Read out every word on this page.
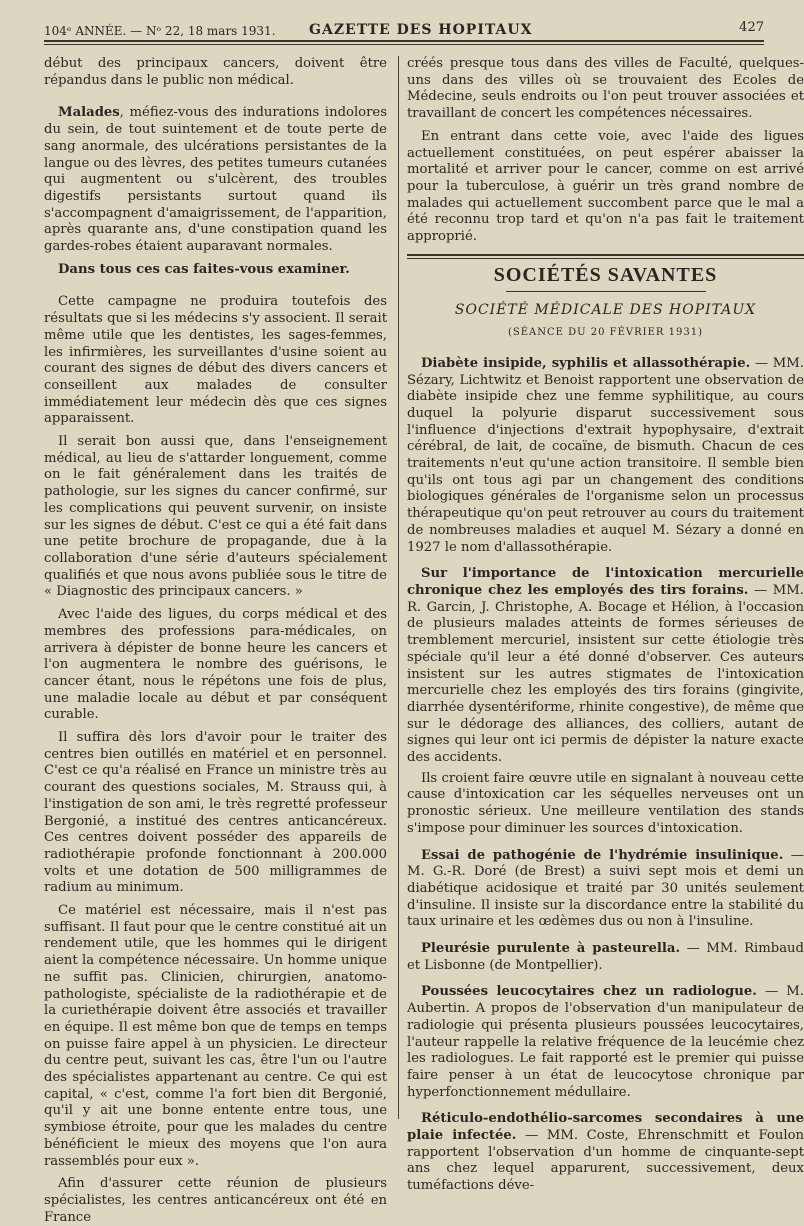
104ᵉ ANNÉE. — Nᵒ 22, 18 mars 1931. GAZETTE DES HOPITAUX	427

début des principaux cancers, doivent être répandus dans le public non médical.

Malades, méfiez-vous des indurations indolores du sein, de tout suintement et de toute perte de sang anormale, des ulcérations persistantes de la langue ou des lèvres, des petites tumeurs cutanées qui augmentent ou s'ulcèrent, des troubles digestifs persistants surtout quand ils s'accompagnent d'amaigrissement, de l'apparition, après quarante ans, d'une constipation quand les gardes-robes étaient auparavant normales.

Dans tous ces cas faites-vous examiner.

Cette campagne ne produira toutefois des résultats que si les médecins s'y associent. Il serait même utile que les dentistes, les sages-femmes, les infirmières, les surveillantes d'usine soient au courant des signes de début des divers cancers et conseillent aux malades de consulter immédiatement leur médecin dès que ces signes apparaissent.

Il serait bon aussi que, dans l'enseignement médical, au lieu de s'attarder longuement, comme on le fait généralement dans les traités de pathologie, sur les signes du cancer confirmé, sur les complications qui peuvent survenir, on insiste sur les signes de début. C'est ce qui a été fait dans une petite brochure de propagande, due à la collaboration d'une série d'auteurs spécialement qualifiés et que nous avons publiée sous le titre de « Diagnostic des principaux cancers. »

Avec l'aide des ligues, du corps médical et des membres des professions para-médicales, on arrivera à dépister de bonne heure les cancers et l'on augmentera le nombre des guérisons, le cancer étant, nous le répétons une fois de plus, une maladie locale au début et par conséquent curable.

Il suffira dès lors d'avoir pour le traiter des centres bien outillés en matériel et en personnel. C'est ce qu'a réalisé en France un ministre très au courant des questions sociales, M. Strauss qui, à l'instigation de son ami, le très regretté professeur Bergonié, a institué des centres anticancéreux. Ces centres doivent posséder des appareils de radiothérapie profonde fonctionnant à 200.000 volts et une dotation de 500 milligrammes de radium au minimum.

Ce matériel est nécessaire, mais il n'est pas suffisant. Il faut pour que le centre constitué ait un rendement utile, que les hommes qui le dirigent aient la compétence nécessaire. Un homme unique ne suffit pas. Clinicien, chirurgien, anatomo-pathologiste, spécialiste de la radiothérapie et de la curiethérapie doivent être associés et travailler en équipe. Il est même bon que de temps en temps on puisse faire appel à un physicien. Le directeur du centre peut, suivant les cas, être l'un ou l'autre des spécialistes appartenant au centre. Ce qui est capital, « c'est, comme l'a fort bien dit Bergonié, qu'il y ait une bonne entente entre tous, une symbiose étroite, pour que les malades du centre bénéficient le mieux des moyens que l'on aura rassemblés pour eux ».

Afin d'assurer cette réunion de plusieurs spécialistes, les centres anticancéreux ont été en France

créés presque tous dans des villes de Faculté, quelques-uns dans des villes où se trouvaient des Ecoles de Médecine, seuls endroits ou l'on peut trouver associées et travaillant de concert les compétences nécessaires.

En entrant dans cette voie, avec l'aide des ligues actuellement constituées, on peut espérer abaisser la mortalité et arriver pour le cancer, comme on est arrivé pour la tuberculose, à guérir un très grand nombre de malades qui actuellement succombent parce que le mal a été reconnu trop tard et qu'on n'a pas fait le traitement approprié.

SOCIÉTÉS SAVANTES
SOCIÉTÉ MÉDICALE DES HOPITAUX
(SÉANCE DU 20 FÉVRIER 1931)

Diabète insipide, syphilis et allassothérapie. — MM. Sézary, Lichtwitz et Benoist rapportent une observation de diabète insipide chez une femme syphilitique, au cours duquel la polyurie disparut successivement sous l'influence d'injections d'extrait hypophysaire, d'extrait cérébral, de lait, de cocaïne, de bismuth. Chacun de ces traitements n'eut qu'une action transitoire. Il semble bien qu'ils ont tous agi par un changement des conditions biologiques générales de l'organisme selon un processus thérapeutique qu'on peut retrouver au cours du traitement de nombreuses maladies et auquel M. Sézary a donné en 1927 le nom d'allassothérapie.

Sur l'importance de l'intoxication mercurielle chronique chez les employés des tirs forains. — MM. R. Garcin, J. Christophe, A. Bocage et Hélion, à l'occasion de plusieurs malades atteints de formes sérieuses de tremblement mercuriel, insistent sur cette étiologie très spéciale qu'il leur a été donné d'observer. Ces auteurs insistent sur les autres stigmates de l'intoxication mercurielle chez les employés des tirs forains (gingivite, diarrhée dysentériforme, rhinite congestive), de même que sur le dédorage des alliances, des colliers, autant de signes qui leur ont ici permis de dépister la nature exacte des accidents.

Ils croient faire œuvre utile en signalant à nouveau cette cause d'intoxication car les séquelles nerveuses ont un pronostic sérieux. Une meilleure ventilation des stands s'impose pour diminuer les sources d'intoxication.

Essai de pathogénie de l'hydrémie insulinique. — M. G.-R. Doré (de Brest) a suivi sept mois et demi un diabétique acidosique et traité par 30 unités seulement d'insuline. Il insiste sur la discordance entre la stabilité du taux urinaire et les œdèmes dus ou non à l'insuline.

Pleurésie purulente à pasteurella. — MM. Rimbaud et Lisbonne (de Montpellier).

Poussées leucocytaires chez un radiologue. — M. Aubertin. A propos de l'observation d'un manipulateur de radiologie qui présenta plusieurs poussées leucocytaires, l'auteur rappelle la relative fréquence de la leucémie chez les radiologues. Le fait rapporté est le premier qui puisse faire penser à un état de leucocytose chronique par hyperfonctionnement médullaire.

Réticulo-endothélio-sarcomes secondaires à une plaie infectée. — MM. Coste, Ehrenschmitt et Foulon rapportent l'observation d'un homme de cinquante-sept ans chez lequel apparurent, successivement, deux tuméfactions déve-
